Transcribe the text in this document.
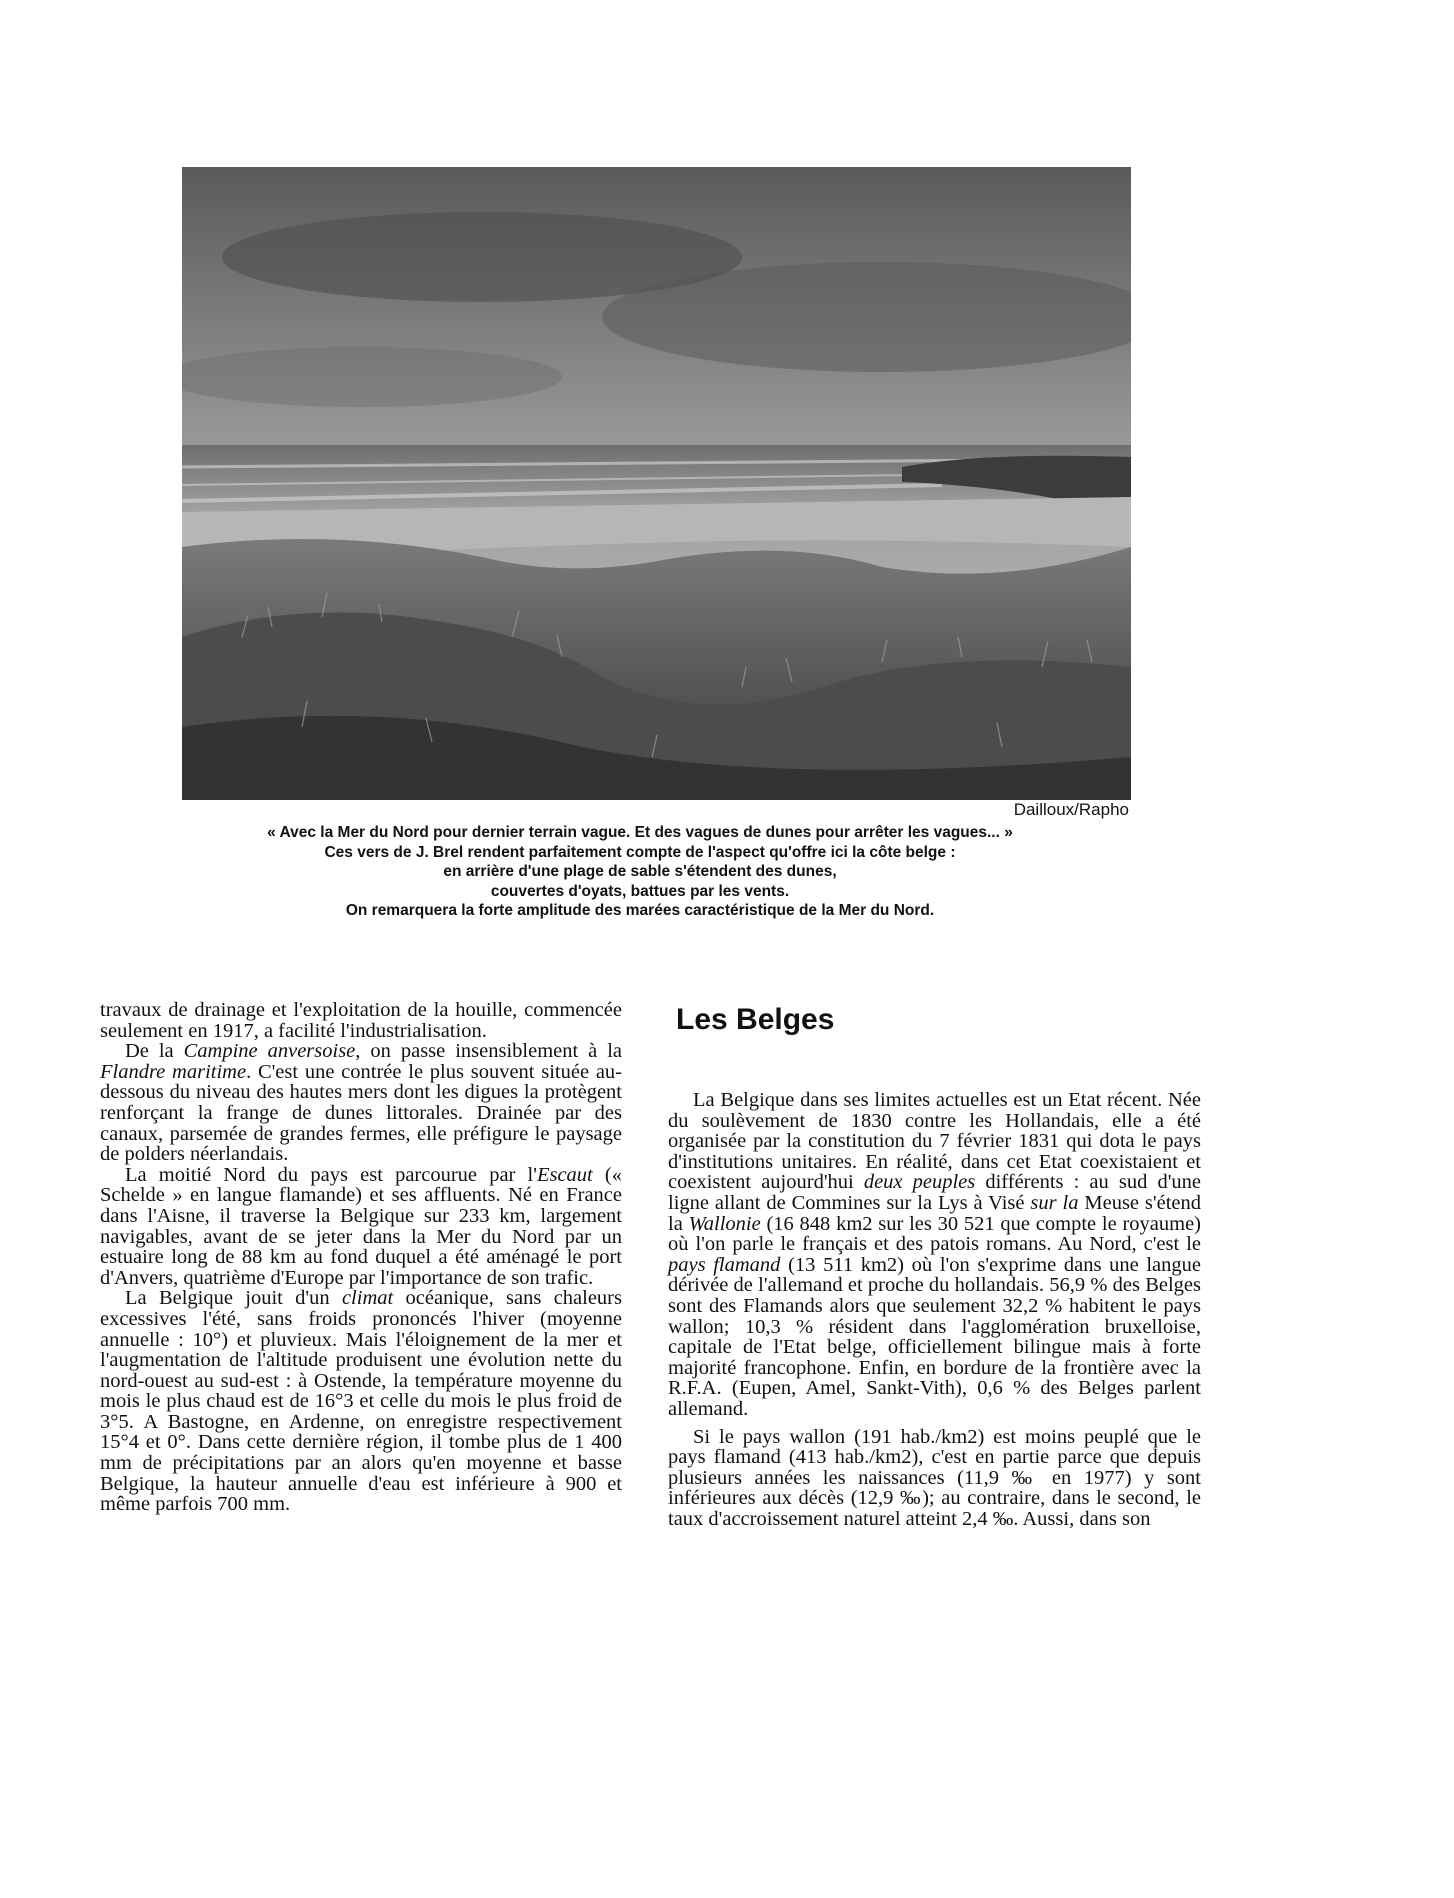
Dailloux/Rapho
« Avec la Mer du Nord pour dernier terrain vague. Et des vagues de dunes pour arrêter les vagues... »
Ces vers de J. Brel rendent parfaitement compte de l'aspect qu'offre ici la côte belge :
en arrière d'une plage de sable s'étendent des dunes,
couvertes d'oyats, battues par les vents.
On remarquera la forte amplitude des marées caractéristique de la Mer du Nord.

travaux de drainage et l'exploitation de la houille, commencée seulement en 1917, a facilité l'industrialisation.

De la Campine anversoise, on passe insensiblement à la Flandre maritime. C'est une contrée le plus souvent située au-dessous du niveau des hautes mers dont les digues la protègent renforçant la frange de dunes littorales. Drainée par des canaux, parsemée de grandes fermes, elle préfigure le paysage de polders néerlandais.

La moitié Nord du pays est parcourue par l'Escaut (« Schelde » en langue flamande) et ses affluents. Né en France dans l'Aisne, il traverse la Belgique sur 233 km, largement navigables, avant de se jeter dans la Mer du Nord par un estuaire long de 88 km au fond duquel a été aménagé le port d'Anvers, quatrième d'Europe par l'importance de son trafic.

La Belgique jouit d'un climat océanique, sans chaleurs excessives l'été, sans froids prononcés l'hiver (moyenne annuelle : 10°) et pluvieux. Mais l'éloignement de la mer et l'augmentation de l'altitude produisent une évolution nette du nord-ouest au sud-est : à Ostende, la température moyenne du mois le plus chaud est de 16°3 et celle du mois le plus froid de 3°5. A Bastogne, en Ardenne, on enregistre respectivement 15°4 et 0°. Dans cette dernière région, il tombe plus de 1 400 mm de précipitations par an alors qu'en moyenne et basse Belgique, la hauteur annuelle d'eau est inférieure à 900 et même parfois 700 mm.

Les Belges

La Belgique dans ses limites actuelles est un Etat récent. Née du soulèvement de 1830 contre les Hollandais, elle a été organisée par la constitution du 7 février 1831 qui dota le pays d'institutions unitaires. En réalité, dans cet Etat coexistaient et coexistent aujourd'hui deux peuples différents : au sud d'une ligne allant de Commines sur la Lys à Visé sur la Meuse s'étend la Wallonie (16 848 km2 sur les 30 521 que compte le royaume) où l'on parle le français et des patois romans. Au Nord, c'est le pays flamand (13 511 km2) où l'on s'exprime dans une langue dérivée de l'allemand et proche du hollandais. 56,9 % des Belges sont des Flamands alors que seulement 32,2 % habitent le pays wallon; 10,3 % résident dans l'agglomération bruxelloise, capitale de l'Etat belge, officiellement bilingue mais à forte majorité francophone. Enfin, en bordure de la frontière avec la R.F.A. (Eupen, Amel, Sankt-Vith), 0,6 % des Belges parlent allemand.

Si le pays wallon (191 hab./km2) est moins peuplé que le pays flamand (413 hab./km2), c'est en partie parce que depuis plusieurs années les naissances (11,9 ‰ en 1977) y sont inférieures aux décès (12,9 ‰); au contraire, dans le second, le taux d'accroissement naturel atteint 2,4 ‰. Aussi, dans son
